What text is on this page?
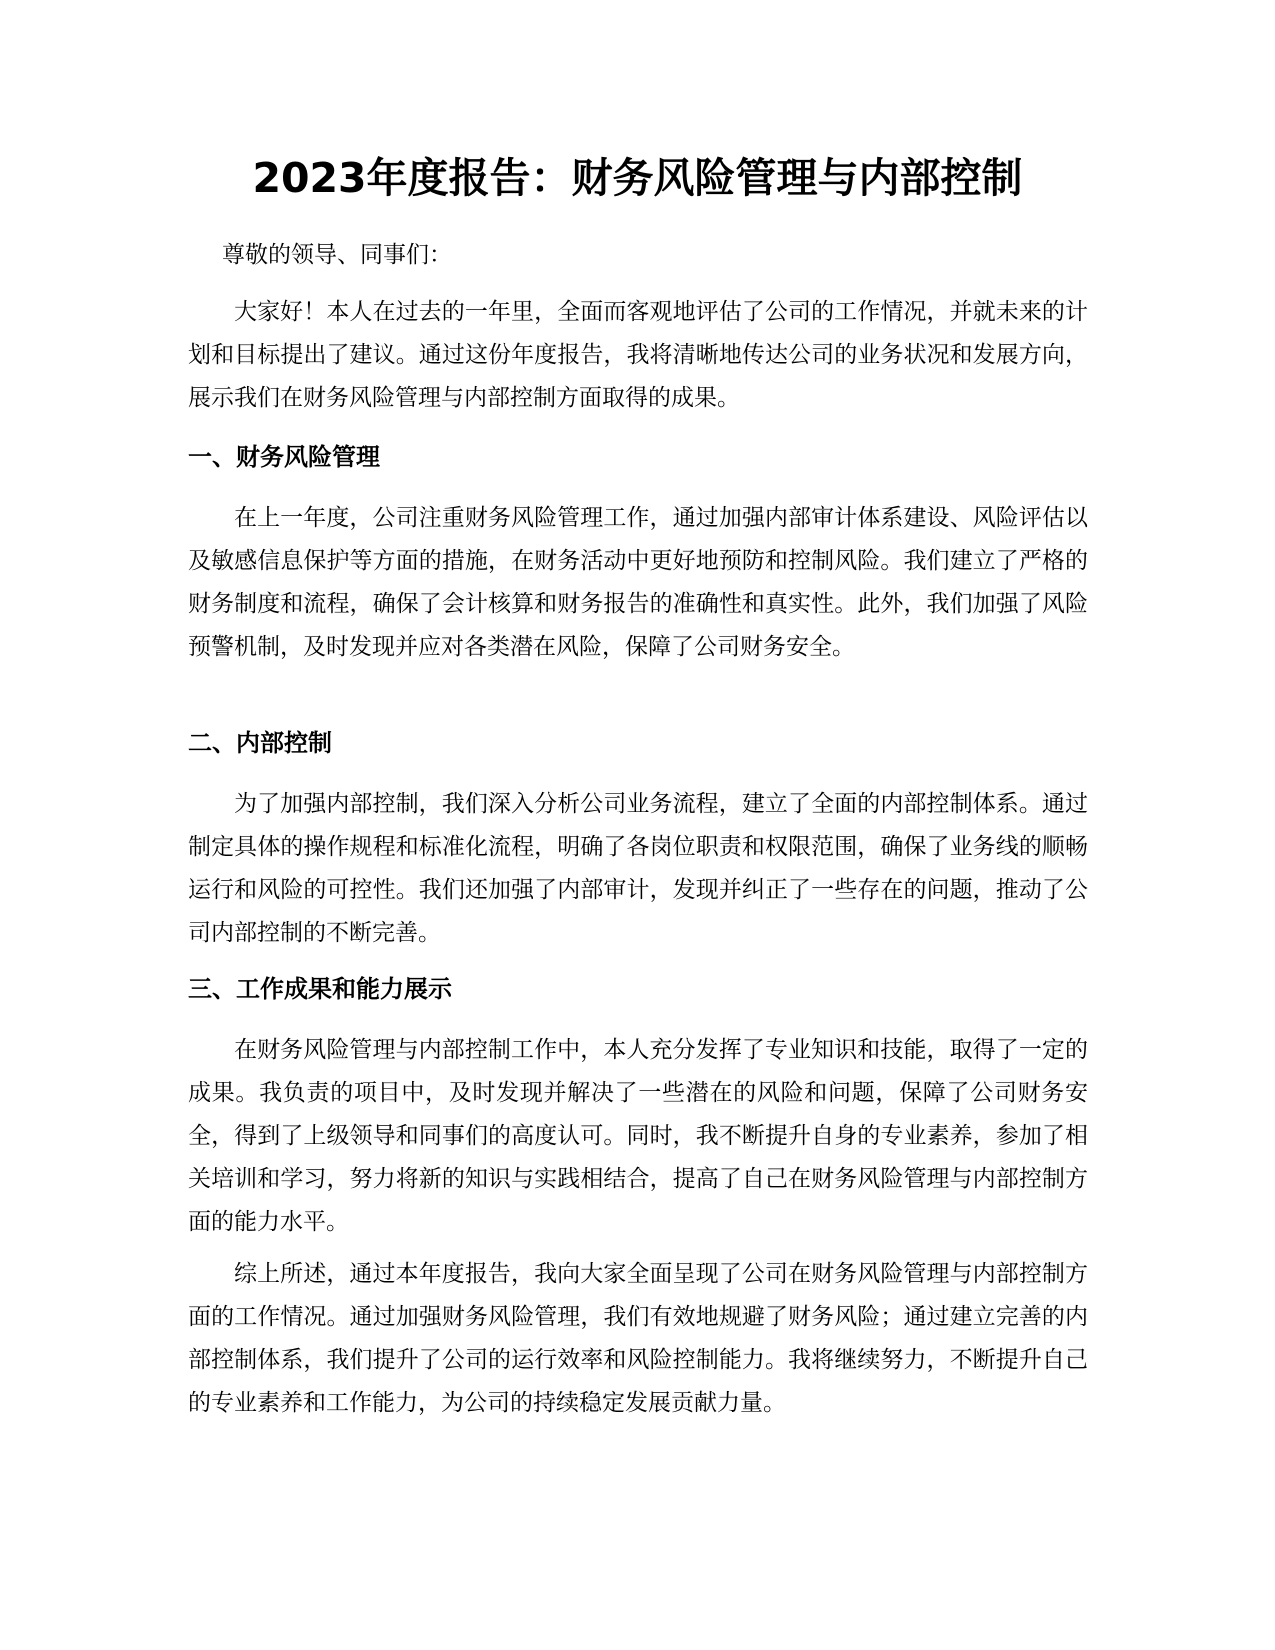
2023年度报告：财务风险管理与内部控制

尊敬的领导、同事们：

大家好！本人在过去的一年里，全面而客观地评估了公司的工作情况，并就未来的计划和目标提出了建议。通过这份年度报告，我将清晰地传达公司的业务状况和发展方向，展示我们在财务风险管理与内部控制方面取得的成果。

一、财务风险管理

在上一年度，公司注重财务风险管理工作，通过加强内部审计体系建设、风险评估以及敏感信息保护等方面的措施，在财务活动中更好地预防和控制风险。我们建立了严格的财务制度和流程，确保了会计核算和财务报告的准确性和真实性。此外，我们加强了风险预警机制，及时发现并应对各类潜在风险，保障了公司财务安全。

二、内部控制

为了加强内部控制，我们深入分析公司业务流程，建立了全面的内部控制体系。通过制定具体的操作规程和标准化流程，明确了各岗位职责和权限范围，确保了业务线的顺畅运行和风险的可控性。我们还加强了内部审计，发现并纠正了一些存在的问题，推动了公司内部控制的不断完善。

三、工作成果和能力展示

在财务风险管理与内部控制工作中，本人充分发挥了专业知识和技能，取得了一定的成果。我负责的项目中，及时发现并解决了一些潜在的风险和问题，保障了公司财务安全，得到了上级领导和同事们的高度认可。同时，我不断提升自身的专业素养，参加了相关培训和学习，努力将新的知识与实践相结合，提高了自己在财务风险管理与内部控制方面的能力水平。

综上所述，通过本年度报告，我向大家全面呈现了公司在财务风险管理与内部控制方面的工作情况。通过加强财务风险管理，我们有效地规避了财务风险；通过建立完善的内部控制体系，我们提升了公司的运行效率和风险控制能力。我将继续努力，不断提升自己的专业素养和工作能力，为公司的持续稳定发展贡献力量。
